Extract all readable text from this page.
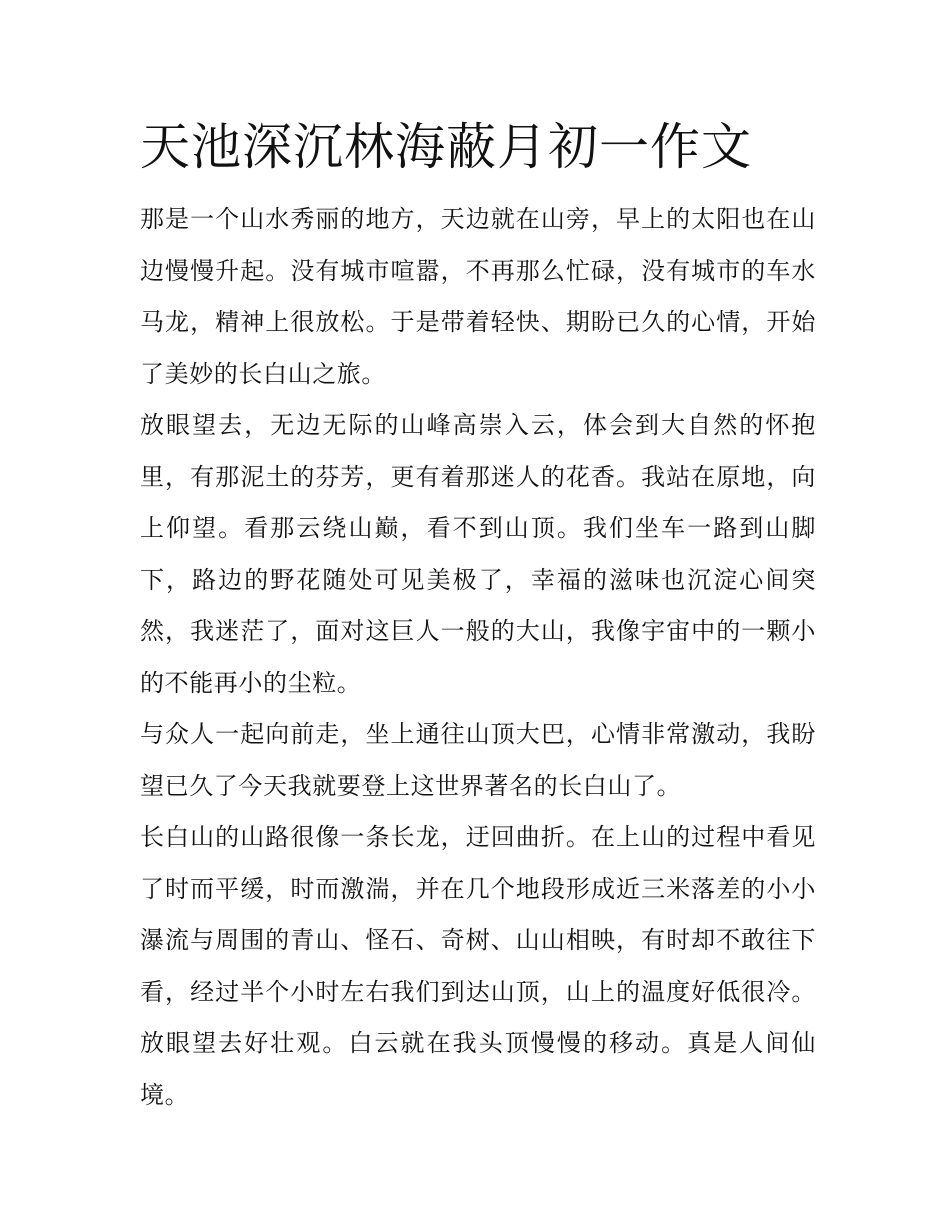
天池深沉林海蔽月初一作文

那是一个山水秀丽的地方，天边就在山旁，早上的太阳也在山边慢慢升起。没有城市喧嚣，不再那么忙碌，没有城市的车水马龙，精神上很放松。于是带着轻快、期盼已久的心情，开始了美妙的长白山之旅。

放眼望去，无边无际的山峰高崇入云，体会到大自然的怀抱里，有那泥土的芬芳，更有着那迷人的花香。我站在原地，向上仰望。看那云绕山巅，看不到山顶。我们坐车一路到山脚下，路边的野花随处可见美极了，幸福的滋味也沉淀心间突然，我迷茫了，面对这巨人一般的大山，我像宇宙中的一颗小的不能再小的尘粒。

与众人一起向前走，坐上通往山顶大巴，心情非常激动，我盼望已久了今天我就要登上这世界著名的长白山了。

长白山的山路很像一条长龙，迂回曲折。在上山的过程中看见了时而平缓，时而激湍，并在几个地段形成近三米落差的小小瀑流与周围的青山、怪石、奇树、山山相映，有时却不敢往下看，经过半个小时左右我们到达山顶，山上的温度好低很冷。放眼望去好壮观。白云就在我头顶慢慢的移动。真是人间仙境。
